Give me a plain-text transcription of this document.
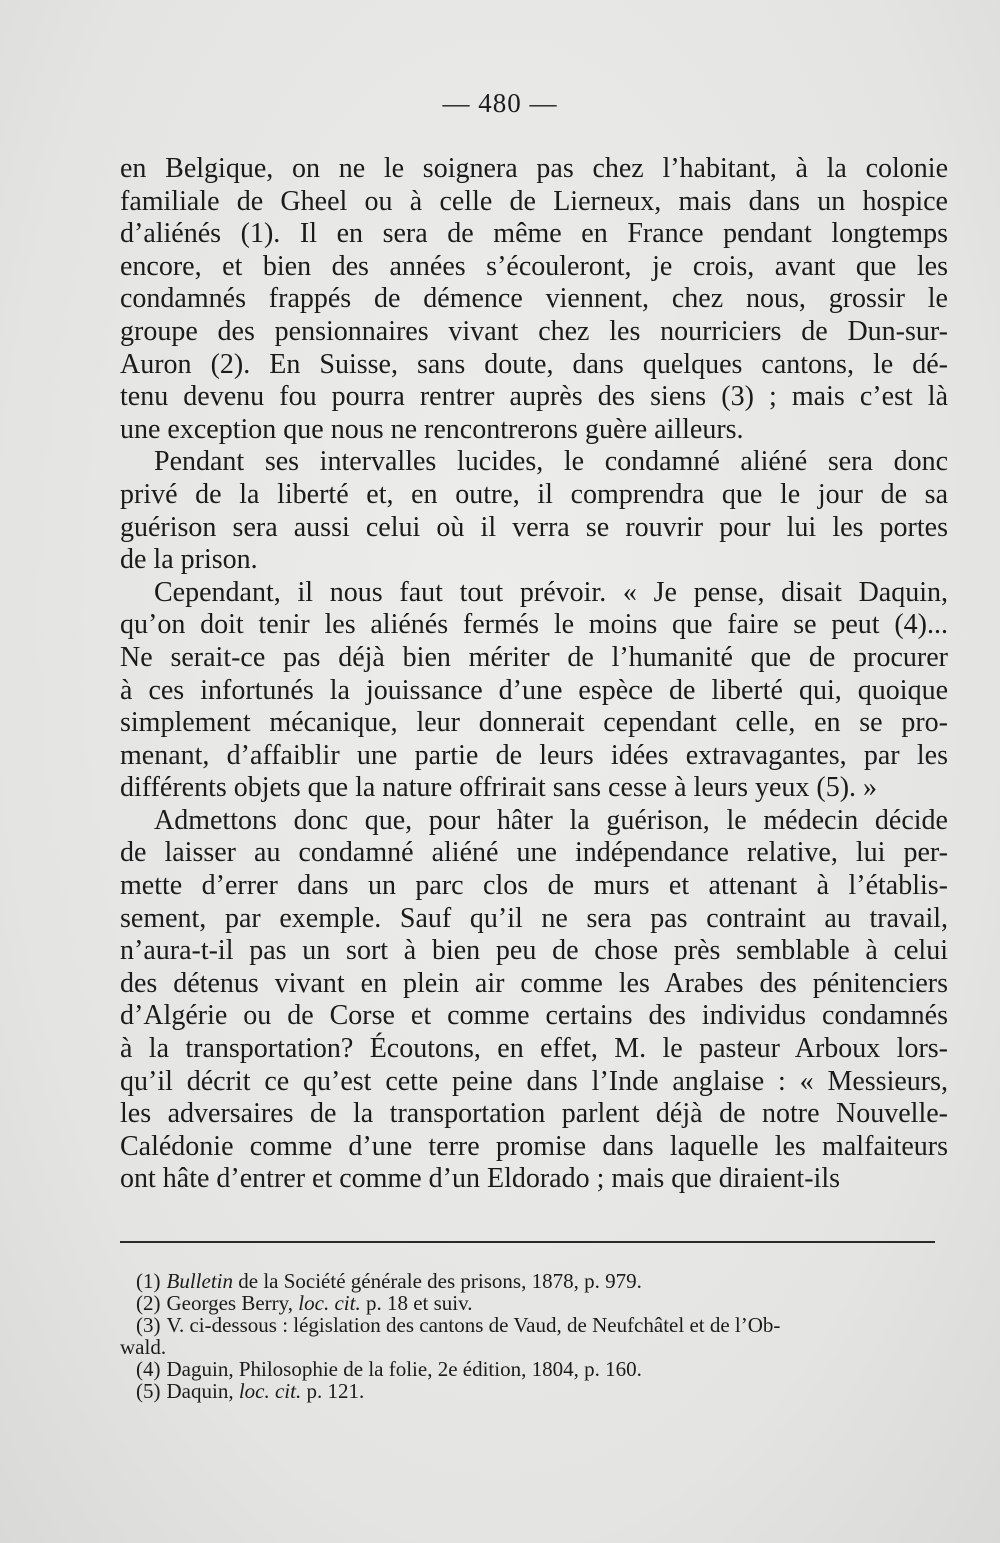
— 480 —
en Belgique, on ne le soignera pas chez l’habitant, à la colonie
familiale de Gheel ou à celle de Lierneux, mais dans un hospice
d’aliénés (1). Il en sera de même en France pendant longtemps
encore, et bien des années s’écouleront, je crois, avant que les
condamnés frappés de démence viennent, chez nous, grossir le
groupe des pensionnaires vivant chez les nourriciers de Dun-sur-
Auron (2). En Suisse, sans doute, dans quelques cantons, le dé-
tenu devenu fou pourra rentrer auprès des siens (3) ; mais c’est là
une exception que nous ne rencontrerons guère ailleurs.
Pendant ses intervalles lucides, le condamné aliéné sera donc
privé de la liberté et, en outre, il comprendra que le jour de sa
guérison sera aussi celui où il verra se rouvrir pour lui les portes
de la prison.
Cependant, il nous faut tout prévoir. « Je pense, disait Daquin,
qu’on doit tenir les aliénés fermés le moins que faire se peut (4)...
Ne serait-ce pas déjà bien mériter de l’humanité que de procurer
à ces infortunés la jouissance d’une espèce de liberté qui, quoique
simplement mécanique, leur donnerait cependant celle, en se pro-
menant, d’affaiblir une partie de leurs idées extravagantes, par les
différents objets que la nature offrirait sans cesse à leurs yeux (5). »
Admettons donc que, pour hâter la guérison, le médecin décide
de laisser au condamné aliéné une indépendance relative, lui per-
mette d’errer dans un parc clos de murs et attenant à l’établis-
sement, par exemple. Sauf qu’il ne sera pas contraint au travail,
n’aura-t-il pas un sort à bien peu de chose près semblable à celui
des détenus vivant en plein air comme les Arabes des pénitenciers
d’Algérie ou de Corse et comme certains des individus condamnés
à la transportation? Écoutons, en effet, M. le pasteur Arboux lors-
qu’il décrit ce qu’est cette peine dans l’Inde anglaise : « Messieurs,
les adversaires de la transportation parlent déjà de notre Nouvelle-
Calédonie comme d’une terre promise dans laquelle les malfaiteurs
ont hâte d’entrer et comme d’un Eldorado ; mais que diraient-ils
(1) Bulletin de la Société générale des prisons, 1878, p. 979.
(2) Georges Berry, loc. cit. p. 18 et suiv.
(3) V. ci-dessous : législation des cantons de Vaud, de Neufchâtel et de l’Ob-
wald.
(4) Daguin, Philosophie de la folie, 2e édition, 1804, p. 160.
(5) Daquin, loc. cit. p. 121.
